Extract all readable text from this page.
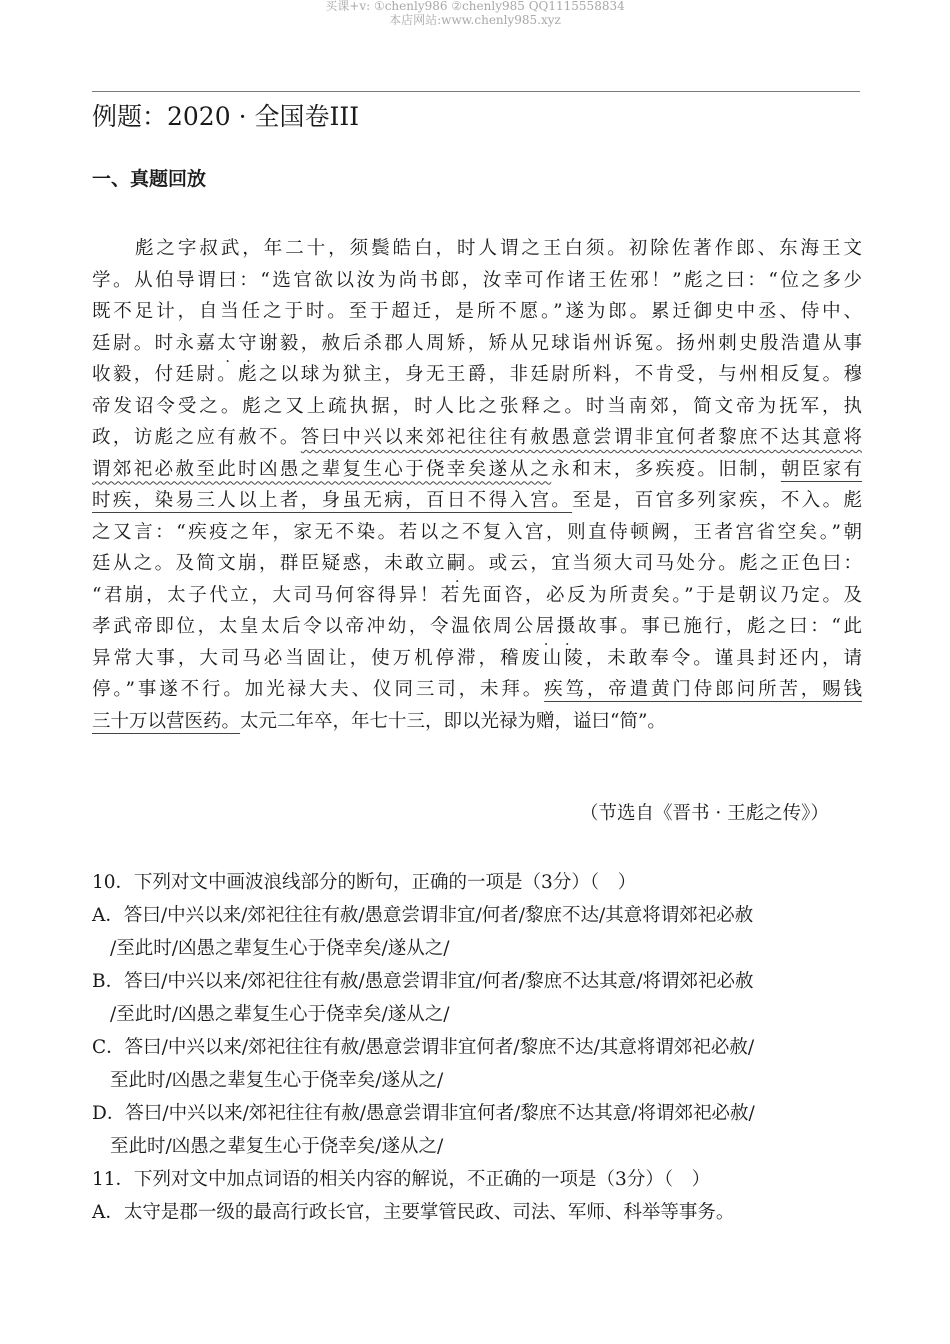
买课+v: ①chenly986 ②chenly985 QQ1115558834
本店网站:www.chenly985.xyz
例题：2020 · 全国卷III
一、真题回放
　　彪之字叔武，年二十，须鬓皓白，时人谓之王白须。初除佐著作郎、东海王文
学。从伯导谓曰：“选官欲以汝为尚书郎，汝幸可作诸王佐邪！”彪之曰：“位之多少
既不足计，自当任之于时。至于超迁，是所不愿。”遂为郎。累迁御史中丞、侍中、
廷尉。时永嘉太守谢毅，赦后杀郡人周矫，矫从兄球诣州诉冤。扬州刺史殷浩遣从事
收毅，付廷尉。彪之以球为狱主，身无王爵，非廷尉所料，不肯受，与州相反复。穆
帝发诏令受之。彪之又上疏执据，时人比之张释之。时当南郊，简文帝为抚军，执
政，访彪之应有赦不。答曰中兴以来郊祀往往有赦愚意尝谓非宜何者黎庶不达其意将
谓郊祀必赦至此时凶愚之辈复生心于侥幸矣遂从之永和末，多疾疫。旧制，朝臣家有
时疾，染易三人以上者，身虽无病，百日不得入宫。至是，百官多列家疾，不入。彪
之又言：“疾疫之年，家无不染。若以之不复入宫，则直侍顿阙，王者宫省空矣。”朝
廷从之。及简文崩，群臣疑惑，未敢立嗣。或云，宜当须大司马处分。彪之正色曰：
“君崩，太子代立，大司马何容得异！若先面咨，必反为所责矣。”于是朝议乃定。及
孝武帝即位，太皇太后令以帝冲幼，令温依周公居摄故事。事已施行，彪之曰：“此
异常大事，大司马必当固让，使万机停滞，稽废山陵，未敢奉令。谨具封还内，请
停。”事遂不行。加光禄大夫、仪同三司，未拜。疾笃，帝遣黄门侍郎问所苦，赐钱
三十万以营医药。太元二年卒，年七十三，即以光禄为赠，谥曰“简”。
（节选自《晋书 · 王彪之传》）
10．下列对文中画波浪线部分的断句，正确的一项是（3分）（　）
A．答曰/中兴以来/郊祀往往有赦/愚意尝谓非宜/何者/黎庶不达/其意将谓郊祀必赦
/至此时/凶愚之辈复生心于侥幸矣/遂从之/
B．答曰/中兴以来/郊祀往往有赦/愚意尝谓非宜/何者/黎庶不达其意/将谓郊祀必赦
/至此时/凶愚之辈复生心于侥幸矣/遂从之/
C．答曰/中兴以来/郊祀往往有赦/愚意尝谓非宜何者/黎庶不达/其意将谓郊祀必赦/
至此时/凶愚之辈复生心于侥幸矣/遂从之/
D．答曰/中兴以来/郊祀往往有赦/愚意尝谓非宜何者/黎庶不达其意/将谓郊祀必赦/
至此时/凶愚之辈复生心于侥幸矣/遂从之/
11．下列对文中加点词语的相关内容的解说，不正确的一项是（3分）（　）
A．太守是郡一级的最高行政长官，主要掌管民政、司法、军师、科举等事务。
